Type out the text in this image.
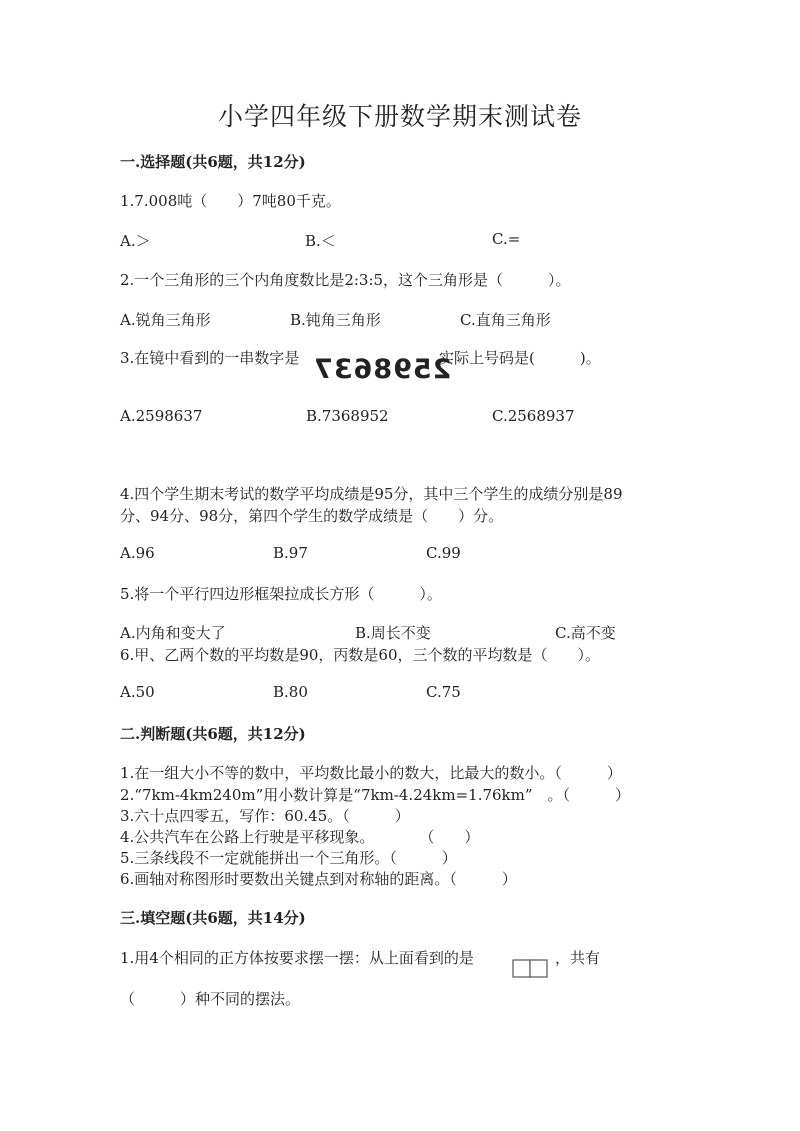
小学四年级下册数学期末测试卷
一.选择题(共6题，共12分)
1.7.008吨（　　）7吨80千克。
A.＞	B.＜	C.=
2.一个三角形的三个内角度数比是2:3:5，这个三角形是（　　　）。
A.锐角三角形	B.钝角三角形	C.直角三角形
3.在镜中看到的一串数字是 2598637
，实际上号码是(　　　)。
A.2598637	B.7368952	C.2568937
4.四个学生期末考试的数学平均成绩是95分，其中三个学生的成绩分别是89
分、94分、98分，第四个学生的数学成绩是（　　）分。
A.96	B.97	C.99
5.将一个平行四边形框架拉成长方形（　　　）。
A.内角和变大了	B.周长不变	C.高不变
6.甲、乙两个数的平均数是90，丙数是60，三个数的平均数是（　　）。
A.50	B.80	C.75
二.判断题(共6题，共12分)
1.在一组大小不等的数中，平均数比最小的数大，比最大的数小。（　　　）
2.“7km-4km240m”用小数计算是“7km-4.24km=1.76km”　。（　　　）
3.六十点四零五，写作：60.45。（　　　）
4.公共汽车在公路上行驶是平移现象。　　　　（　　）
5.三条线段不一定就能拼出一个三角形。（　　　）
6.画轴对称图形时要数出关键点到对称轴的距离。（　　　）
三.填空题(共6题，共14分)
1.用4个相同的正方体按要求摆一摆：从上面看到的是	，共有
（　　　）种不同的摆法。
